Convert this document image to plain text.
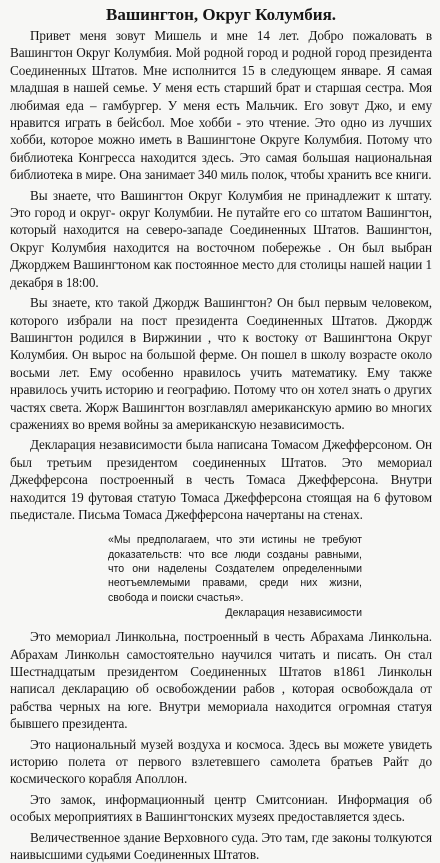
Вашингтон, Округ Колумбия.

Привет меня зовут Мишель и мне 14 лет. Добро пожаловать в Вашингтон Округ Колумбия. Мой родной город и родной город президента Соединенных Штатов. Мне исполнится 15 в следующем январе. Я самая младшая в нашей семье. У меня есть старший брат и старшая сестра. Моя любимая еда – гамбургер. У меня есть Мальчик. Его зовут Джо, и ему нравится играть в бейсбол. Мое хобби - это чтение. Это одно из лучших хобби, которое можно иметь в Вашингтоне Округе Колумбия. Потому что библиотека Конгресса находится здесь. Это самая большая национальная библиотека в мире. Она занимает 340 миль полок, чтобы хранить все книги.

Вы знаете, что Вашингтон Округ Колумбия не принадлежит к штату. Это город и округ- округ Колумбии. Не путайте его со штатом Вашингтон, который находится на северо-западе Соединенных Штатов. Вашингтон, Округ Колумбия находится на восточном побережье . Он был выбран Джорджем Вашингтоном как постоянное место для столицы нашей нации 1 декабря в 18:00.

Вы знаете, кто такой Джордж Вашингтон? Он был первым человеком, которого избрали на пост президента Соединенных Штатов. Джордж Вашингтон родился в Виржинии , что к востоку от Вашингтона Округ Колумбия. Он вырос на большой ферме. Он пошел в школу возрасте около восьми лет. Ему особенно нравилось учить математику. Ему также нравилось учить историю и географию. Потому что он хотел знать о других частях света. Жорж Вашингтон возглавлял американскую армию во многих сражениях во время войны за американскую независимость.

Декларация независимости была написана Томасом Джефферсоном. Он был третьим президентом соединенных Штатов. Это мемориал Джефферсона построенный в честь Томаса Джефферсона. Внутри находится 19 футовая статую Томаса Джефферсона стоящая на 6 футовом пьедистале. Письма Томаса Джефферсона начертаны на стенах.

«Мы предполагаем, что эти истины не требуют доказательств: что все люди созданы равными, что они наделены Создателем определенными неотъемлемыми правами, среди них жизни, свобода и поиски счастья».
Декларация независимости

Это мемориал Линкольна, построенный в честь Абрахама Линкольна. Абрахам Линкольн самостоятельно научился читать и писать. Он стал Шестнадцатым президентом Соединенных Штатов в1861 Линкольн написал декларацию об освобождении рабов , которая освобождала от рабства черных на юге. Внутри мемориала находится огромная статуя бывшего президента.

Это национальный музей воздуха и космоса. Здесь вы можете увидеть историю полета от первого взлетевшего самолета братьев Райт до космического корабля Аполлон.

Это замок, информационный центр Смитсониан. Информация об особых мероприятиях в Вашингтонских музеях предоставляется здесь.

Величественное здание Верховного суда. Это там, где законы толкуются наивысшими судьями Соединенных Штатов.
